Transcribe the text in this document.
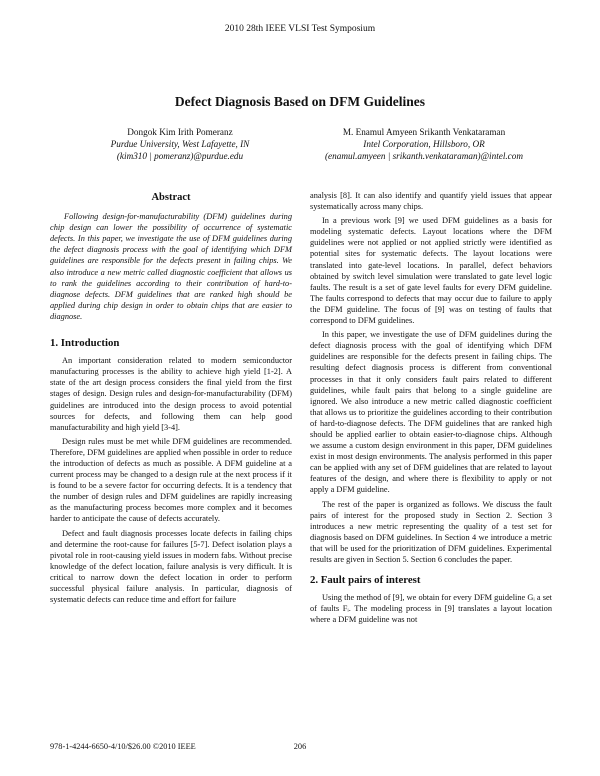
2010 28th IEEE VLSI Test Symposium
Defect Diagnosis Based on DFM Guidelines
Dongok Kim Irith Pomeranz
Purdue University, West Lafayette, IN
(kim310 | pomeranz)@purdue.edu
M. Enamul Amyeen Srikanth Venkataraman
Intel Corporation, Hillsboro, OR
(enamul.amyeen | srikanth.venkataraman)@intel.com
Abstract

Following design-for-manufacturability (DFM) guidelines during chip design can lower the possibility of occurrence of systematic defects. In this paper, we investigate the use of DFM guidelines during the defect diagnosis process with the goal of identifying which DFM guidelines are responsible for the defects present in failing chips. We also introduce a new metric called diagnostic coefficient that allows us to rank the guidelines according to their contribution of hard-to-diagnose defects. DFM guidelines that are ranked high should be applied during chip design in order to obtain chips that are easier to diagnose.

1. Introduction

An important consideration related to modern semiconductor manufacturing processes is the ability to achieve high yield [1-2]. A state of the art design process considers the final yield from the first stages of design. Design rules and design-for-manufacturability (DFM) guidelines are introduced into the design process to avoid potential sources for defects, and following them can help good manufacturability and high yield [3-4].

Design rules must be met while DFM guidelines are recommended. Therefore, DFM guidelines are applied when possible in order to reduce the introduction of defects as much as possible. A DFM guideline at a current process may be changed to a design rule at the next process if it is found to be a severe factor for occurring defects. It is a tendency that the number of design rules and DFM guidelines are rapidly increasing as the manufacturing process becomes more complex and it becomes harder to anticipate the cause of defects accurately.

Defect and fault diagnosis processes locate defects in failing chips and determine the root-cause for failures [5-7]. Defect isolation plays a pivotal role in root-causing yield issues in modern fabs. Without precise knowledge of the defect location, failure analysis is very difficult. It is critical to narrow down the defect location in order to perform successful physical failure analysis. In particular, diagnosis of systematic defects can reduce time and effort for failure

analysis [8]. It can also identify and quantify yield issues that appear systematically across many chips.

In a previous work [9] we used DFM guidelines as a basis for modeling systematic defects. Layout locations where the DFM guidelines were not applied or not applied strictly were identified as potential sites for systematic defects. The layout locations were translated into gate-level locations. In parallel, defect behaviors obtained by switch level simulation were translated to gate level logic faults. The result is a set of gate level faults for every DFM guideline. The faults correspond to defects that may occur due to failure to apply the DFM guideline. The focus of [9] was on testing of faults that correspond to DFM guidelines.

In this paper, we investigate the use of DFM guidelines during the defect diagnosis process with the goal of identifying which DFM guidelines are responsible for the defects present in failing chips. The resulting defect diagnosis process is different from conventional processes in that it only considers fault pairs related to different guidelines, while fault pairs that belong to a single guideline are ignored. We also introduce a new metric called diagnostic coefficient that allows us to prioritize the guidelines according to their contribution of hard-to-diagnose defects. The DFM guidelines that are ranked high should be applied earlier to obtain easier-to-diagnose chips. Although we assume a custom design environment in this paper, DFM guidelines exist in most design environments. The analysis performed in this paper can be applied with any set of DFM guidelines that are related to layout features of the design, and where there is flexibility to apply or not apply a DFM guideline.

The rest of the paper is organized as follows. We discuss the fault pairs of interest for the proposed study in Section 2. Section 3 introduces a new metric representing the quality of a test set for diagnosis based on DFM guidelines. In Section 4 we introduce a metric that will be used for the prioritization of DFM guidelines. Experimental results are given in Section 5. Section 6 concludes the paper.

2. Fault pairs of interest

Using the method of [9], we obtain for every DFM guideline Gᵢ a set of faults Fᵢ. The modeling process in [9] translates a layout location where a DFM guideline was not

978-1-4244-6650-4/10/$26.00 ©2010 IEEE	206
